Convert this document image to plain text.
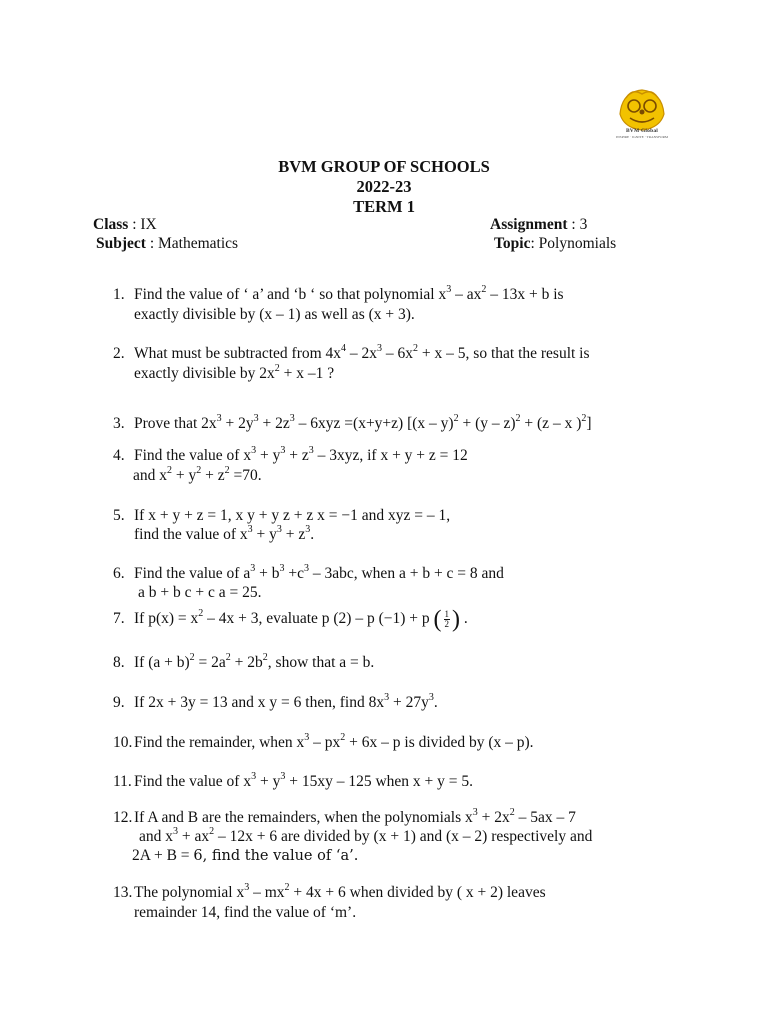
BVM Global
INSPIRE · IGNITE · TRANSFORM
BVM GROUP OF SCHOOLS
2022-23
TERM 1
Class : IX	Assignment : 3
Subject : Mathematics	Topic: Polynomials
1. Find the value of ‘ a’ and ‘b ‘ so that polynomial $x^3 - ax^2 - 13x + b$ is
exactly divisible by (x – 1) as well as (x + 3).
2. What must be subtracted from $4x^4 - 2x^3 - 6x^2 + x - 5$, so that the result is
exactly divisible by $2x^2 + x$ –1 ?
3. Prove that $2x^3 + 2y^3 + 2z^3 - 6xyz =(x+y+z)$ [(x – y)$^2$ + (y – z)$^2$ + (z – x )$^2$]
4. Find the value of $x^3 + y^3 + z^3 - 3xyz$, if x + y + z = 12
and $x^2 + y^2 + z^2 =70$.
5. If x + y + z = 1, x y + y z + z x = −1 and xyz = – 1,
find the value of $x^3 + y^3 + z^3$.
6. Find the value of $a^3 + b^3 +c^3 - 3abc$, when a + b + c = 8 and
a b + b c + c a = 25.
7. If $p(x) = x^2 - 4x + 3$, evaluate p (2) – p (−1) + p ( $\frac{1}{2}$ ) .
8. If $(a + b)^2 = 2a^2 + 2b^2$, show that a = b.
9. If 2x + 3y = 13 and x y = 6 then, find $8x^3 + 27y^3$.
10. Find the remainder, when $x^3 - px^2 + 6x - p$ is divided by (x – p).
11. Find the value of $x^3 + y^3 + 15xy - 125$ when x + y = 5.
12. If A and B are the remainders, when the polynomials $x^3 + 2x^2 - 5ax - 7$
and $x^3 + ax^2 - 12x + 6$ are divided by (x + 1) and (x – 2) respectively and
2A + B = 6, find the value of ‘a’.
13. The polynomial $x^3 - mx^2 + 4x + 6$ when divided by ( x + 2) leaves
remainder 14, find the value of ‘m’.
